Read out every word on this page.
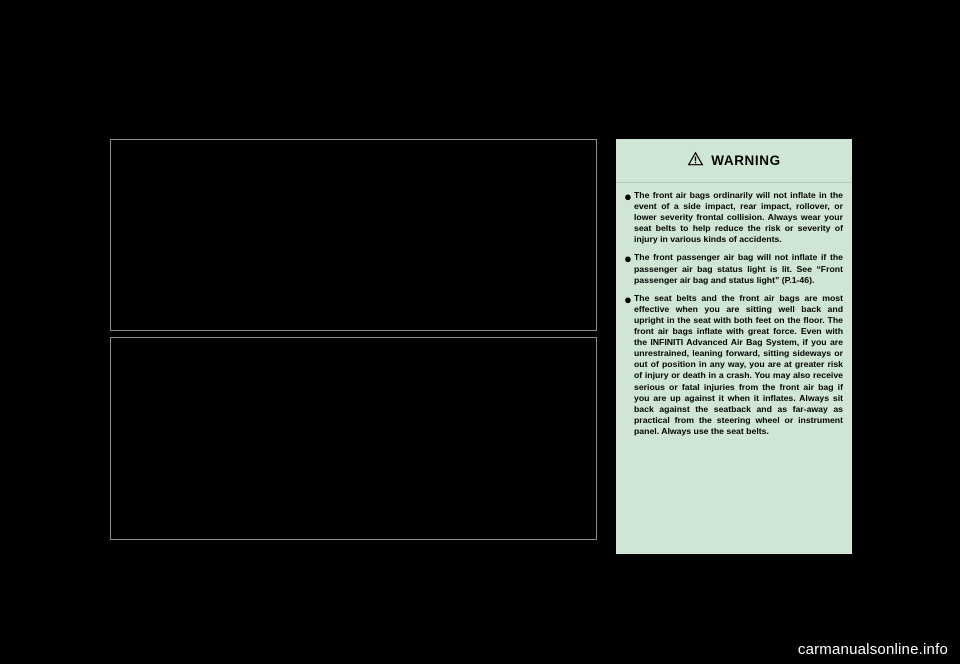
WARNING
● The front air bags ordinarily will not inflate in the event of a side impact, rear impact, rollover, or lower severity frontal collision. Always wear your seat belts to help reduce the risk or severity of injury in various kinds of accidents.
● The front passenger air bag will not inflate if the passenger air bag status light is lit. See “Front passenger air bag and status light” (P.1-46).
● The seat belts and the front air bags are most effective when you are sitting well back and upright in the seat with both feet on the floor. The front air bags inflate with great force. Even with the INFINITI Advanced Air Bag System, if you are unrestrained, leaning forward, sitting sideways or out of position in any way, you are at greater risk of injury or death in a crash. You may also receive serious or fatal injuries from the front air bag if you are up against it when it inflates. Always sit back against the seatback and as far-away as practical from the steering wheel or instrument panel. Always use the seat belts.
carmanualsonline.info
